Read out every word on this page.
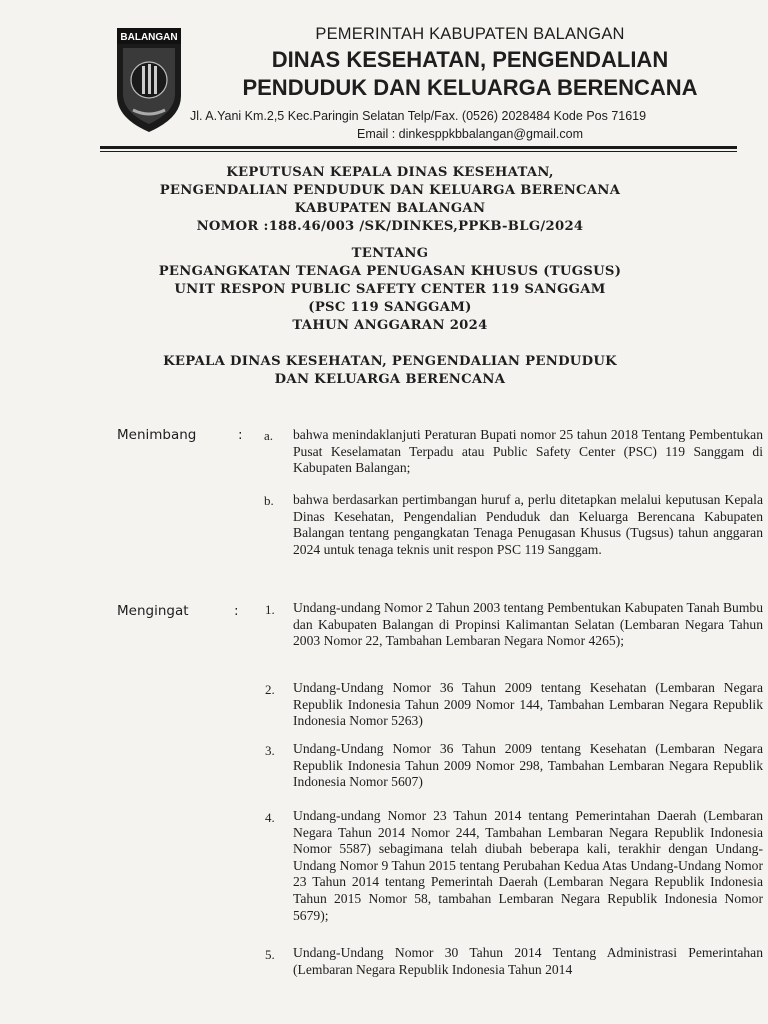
BALANGAN	PEMERINTAH KABUPATEN BALANGAN
DINAS KESEHATAN, PENGENDALIAN
PENDUDUK DAN KELUARGA BERENCANA
Jl. A.Yani Km.2,5 Kec.Paringin Selatan Telp/Fax. (0526) 2028484 Kode Pos 71619
Email : dinkesppkbbalangan@gmail.com
KEPUTUSAN KEPALA DINAS KESEHATAN,
PENGENDALIAN PENDUDUK DAN KELUARGA BERENCANA
KABUPATEN BALANGAN
NOMOR :188.46/003 /SK/DINKES,PPKB-BLG/2024
TENTANG
PENGANGKATAN TENAGA PENUGASAN KHUSUS (TUGSUS)
UNIT RESPON PUBLIC SAFETY CENTER 119 SANGGAM
(PSC 119 SANGGAM)
TAHUN ANGGARAN 2024
KEPALA DINAS KESEHATAN, PENGENDALIAN PENDUDUK
DAN KELUARGA BERENCANA
Menimbang	: a. bahwa menindaklanjuti Peraturan Bupati nomor 25 tahun 2018 Tentang Pembentukan Pusat Keselamatan Terpadu atau Public Safety Center (PSC) 119 Sanggam di Kabupaten Balangan;
b. bahwa berdasarkan pertimbangan huruf a, perlu ditetapkan melalui keputusan Kepala Dinas Kesehatan, Pengendalian Penduduk dan Keluarga Berencana Kabupaten Balangan tentang pengangkatan Tenaga Penugasan Khusus (Tugsus) tahun anggaran 2024 untuk tenaga teknis unit respon PSC 119 Sanggam.
Mengingat	: 1. Undang-undang Nomor 2 Tahun 2003 tentang Pembentukan Kabupaten Tanah Bumbu dan Kabupaten Balangan di Propinsi Kalimantan Selatan (Lembaran Negara Tahun 2003 Nomor 22, Tambahan Lembaran Negara Nomor 4265);
2. Undang-Undang Nomor 36 Tahun 2009 tentang Kesehatan (Lembaran Negara Republik Indonesia Tahun 2009 Nomor 144, Tambahan Lembaran Negara Republik Indonesia Nomor 5263)
3. Undang-Undang Nomor 36 Tahun 2009 tentang Kesehatan (Lembaran Negara Republik Indonesia Tahun 2009 Nomor 298, Tambahan Lembaran Negara Republik Indonesia Nomor 5607)
4. Undang-undang Nomor 23 Tahun 2014 tentang Pemerintahan Daerah (Lembaran Negara Tahun 2014 Nomor 244, Tambahan Lembaran Negara Republik Indonesia Nomor 5587) sebagimana telah diubah beberapa kali, terakhir dengan Undang-Undang Nomor 9 Tahun 2015 tentang Perubahan Kedua Atas Undang-Undang Nomor 23 Tahun 2014 tentang Pemerintah Daerah (Lembaran Negara Republik Indonesia Tahun 2015 Nomor 58, tambahan Lembaran Negara Republik Indonesia Nomor 5679);
5. Undang-Undang Nomor 30 Tahun 2014 Tentang Administrasi Pemerintahan (Lembaran Negara Republik Indonesia Tahun 2014
